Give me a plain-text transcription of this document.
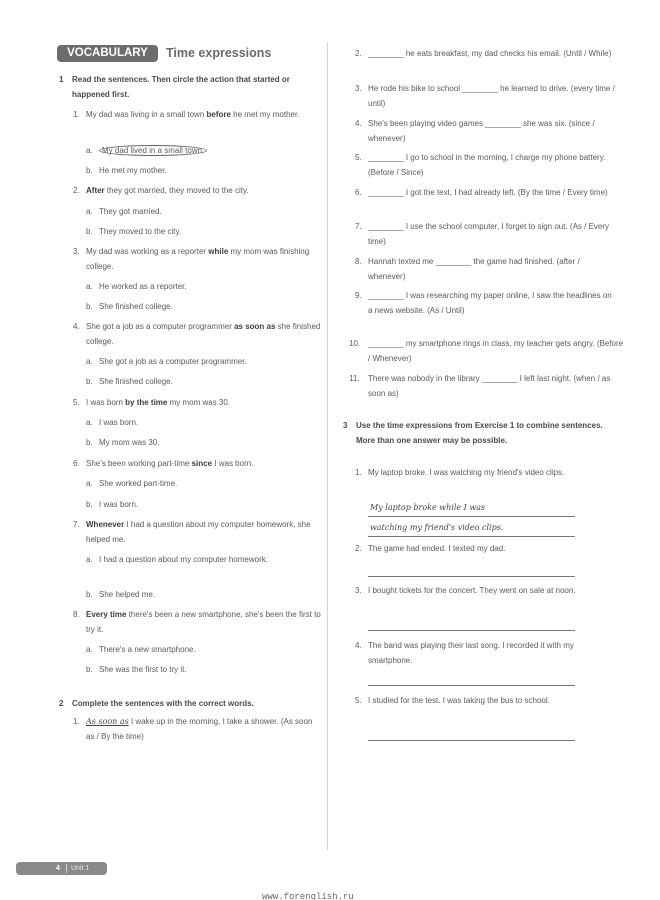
VOCABULARY	Time expressions
1 Read the sentences. Then circle the action that started or happened first.
1. My dad was living in a small town before he met my mother.
a. My dad lived in a small town.
b. He met my mother.
2. After they got married, they moved to the city.
a. They got married.
b. They moved to the city.
3. My dad was working as a reporter while my mom was finishing college.
a. He worked as a reporter.
b. She finished college.
4. She got a job as a computer programmer as soon as she finished college.
a. She got a job as a computer programmer.
b. She finished college.
5. I was born by the time my mom was 30.
a. I was born.
b. My mom was 30.
6. She's been working part-time since I was born.
a. She worked part-time.
b. I was born.
7. Whenever I had a question about my computer homework, she helped me.
a. I had a question about my computer homework.
b. She helped me.
8. Every time there's been a new smartphone, she's been the first to try it.
a. There's a new smartphone.
b. She was the first to try it.
2 Complete the sentences with the correct words.
1. As soon as I wake up in the morning, I take a shower. (As soon as / By the time)
2. ________ he eats breakfast, my dad checks his email. (Until / While)
3. He rode his bike to school ________ he learned to drive. (every time / until)
4. She's been playing video games ________ she was six. (since / whenever)
5. ________ I go to school in the morning, I charge my phone battery. (Before / Since)
6. ________ I got the text, I had already left. (By the time / Every time)
7. ________ I use the school computer, I forget to sign out. (As / Every time)
8. Hannah texted me ________ the game had finished. (after / whenever)
9. ________ I was researching my paper online, I saw the headlines on a news website. (As / Until)
10. ________ my smartphone rings in class, my teacher gets angry. (Before / Whenever)
11. There was nobody in the library ________ I left last night. (when / as soon as)
3 Use the time expressions from Exercise 1 to combine sentences. More than one answer may be possible.
1. My laptop broke. I was watching my friend's video clips.
My laptop broke while I was
watching my friend's video clips.
2. The game had ended. I texted my dad.
3. I bought tickets for the concert. They went on sale at noon.
4. The band was playing their last song. I recorded it with my smartphone.
5. I studied for the test. I was taking the bus to school.
4 Unit 1
www.forenglish.ru
